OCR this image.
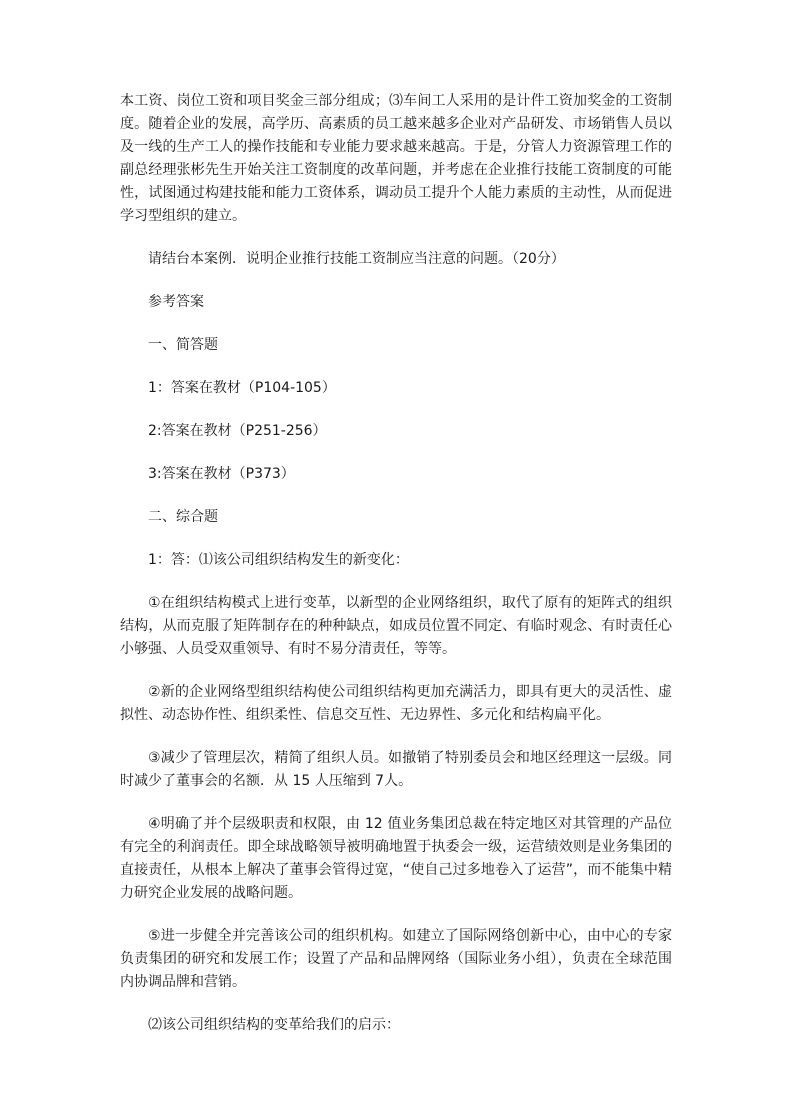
本工资、岗位工资和项目奖金三部分组成；⑶车间工人采用的是计件工资加奖金的工资制度。随着企业的发展，高学历、高素质的员工越来越多企业对产品研发、市场销售人员以及一线的生产工人的操作技能和专业能力要求越来越高。于是，分管人力资源管理工作的副总经理张彬先生开始关注工资制度的改革问题，并考虑在企业推行技能工资制度的可能性，试图通过构建技能和能力工资体系，调动员工提升个人能力素质的主动性，从而促进学习型组织的建立。

请结台本案例．说明企业推行技能工资制应当注意的问题。（20分）

参考答案

一、简答题

1：答案在教材（P104-105）

2:答案在教材（P251-256）

3:答案在教材（P373）

二、综合题

1：答：⑴该公司组织结构发生的新变化：

①在组织结构模式上进行变革，以新型的企业网络组织，取代了原有的矩阵式的组织结构，从而克服了矩阵制存在的种种缺点，如成员位置不同定、有临时观念、有时责任心小够强、人员受双重领导、有时不易分清责任，等等。

②新的企业网络型组织结构使公司组织结构更加充满活力，即具有更大的灵活性、虚拟性、动态协作性、组织柔性、信息交互性、无边界性、多元化和结构扁平化。

③减少了管理层次，精简了组织人员。如撤销了特别委员会和地区经理这一层级。同时减少了董事会的名额．从 15 人压缩到 7人。

④明确了并个层级职责和权限，由 12 值业务集团总裁在特定地区对其管理的产品位有完全的利润责任。即全球战略领导被明确地置于执委会一级，运营绩效则是业务集团的直接责任，从根本上解决了董事会管得过宽，“使自己过多地卷入了运营”，而不能集中精力研究企业发展的战略问题。

⑤进一步健全并完善该公司的组织机构。如建立了国际网络创新中心，由中心的专家负责集团的研究和发展工作；设置了产品和品牌网络（国际业务小组），负责在全球范围内协调品牌和营销。

⑵该公司组织结构的变革给我们的启示：
